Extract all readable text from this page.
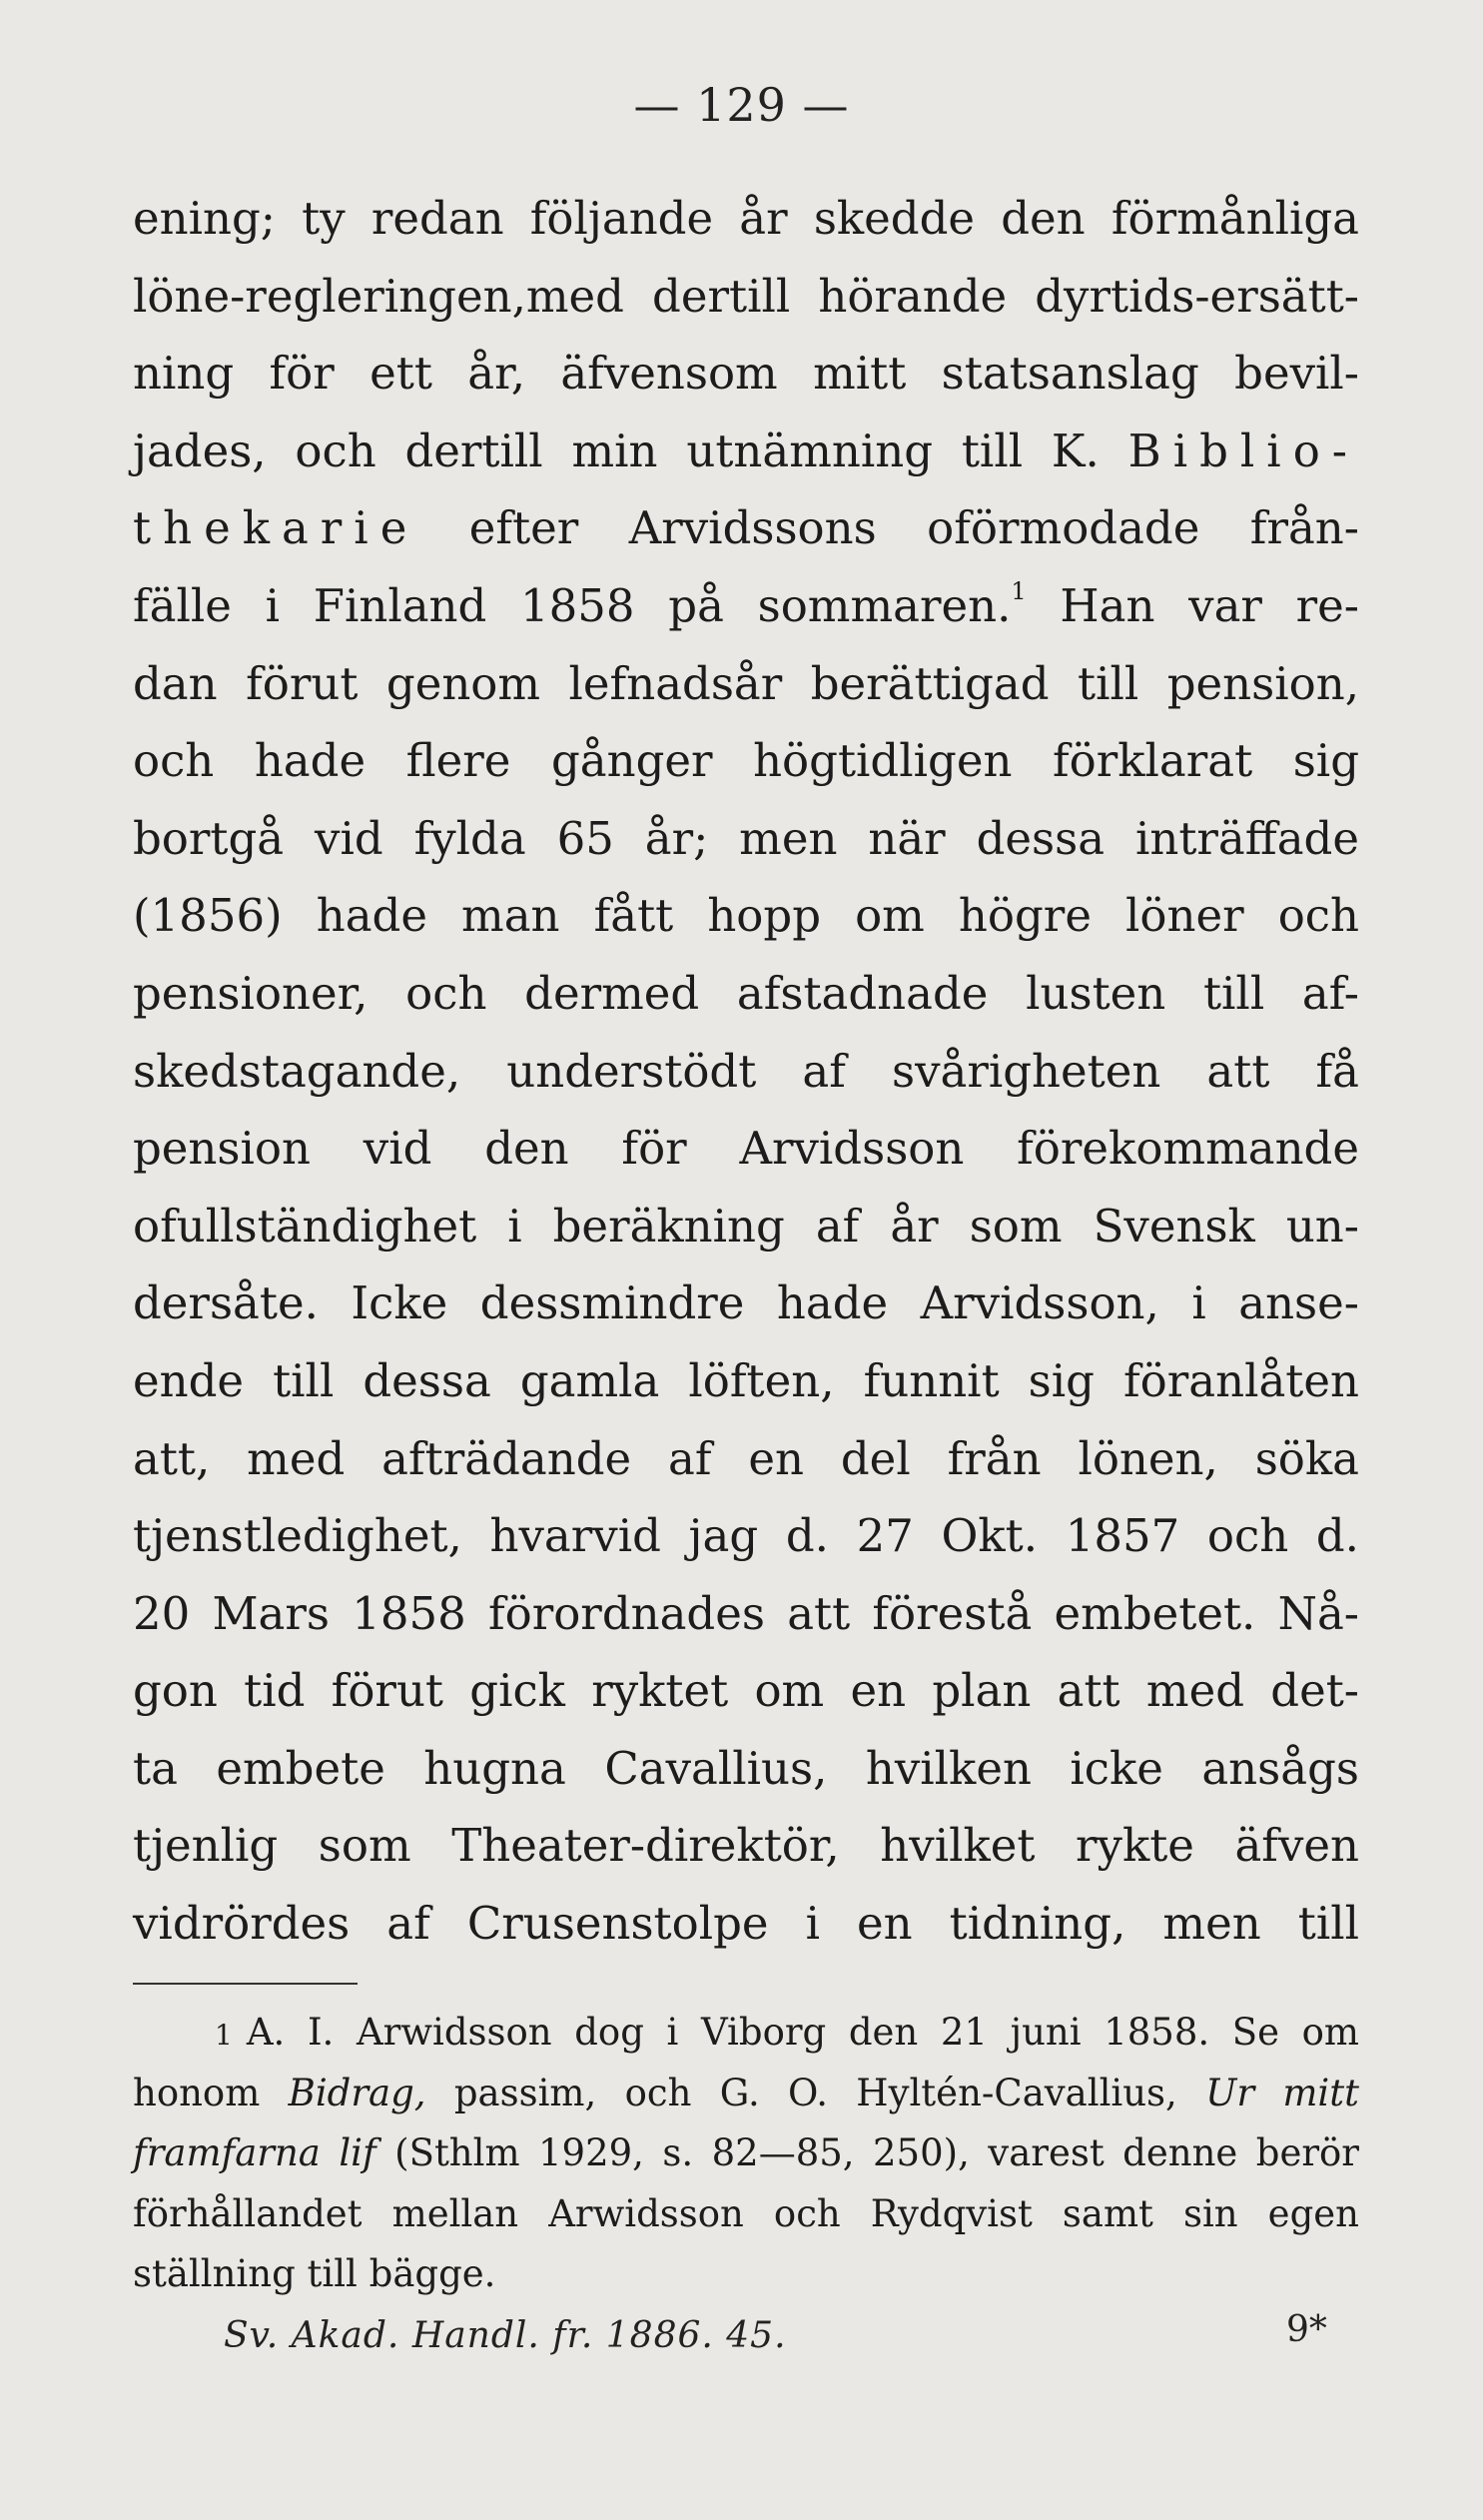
— 129 —
ening; ty redan följande år skedde den förmånliga
löne-regleringen,med dertill hörande dyrtids-ersätt-
ning för ett år, äfvensom mitt statsanslag bevil-
jades, och dertill min utnämning till K. Biblio-
thekarie efter Arvidssons oförmodade från-
fälle i Finland 1858 på sommaren.$^1$ Han var re-
dan förut genom lefnadsår berättigad till pension,
och hade flere gånger högtidligen förklarat sig
bortgå vid fylda 65 år; men när dessa inträffade
(1856) hade man fått hopp om högre löner och
pensioner, och dermed afstadnade lusten till af-
skedstagande, understödt af svårigheten att få
pension vid den för Arvidsson förekommande
ofullständighet i beräkning af år som Svensk un-
dersåte. Icke dessmindre hade Arvidsson, i anse-
ende till dessa gamla löften, funnit sig föranlåten
att, med afträdande af en del från lönen, söka
tjenstledighet, hvarvid jag d. 27 Okt. 1857 och d.
20 Mars 1858 förordnades att förestå embetet. Nå-
gon tid förut gick ryktet om en plan att med det-
ta embete hugna Cavallius, hvilken icke ansågs
tjenlig som Theater-direktör, hvilket rykte äfven
vidrördes af Crusenstolpe i en tidning, men till
1 A. I. Arwidsson dog i Viborg den 21 juni 1858. Se om
honom Bidrag, passim, och G. O. Hyltén-Cavallius, Ur mitt
framfarna lif (Sthlm 1929, s. 82—85, 250), varest denne berör
förhållandet mellan Arwidsson och Rydqvist samt sin egen
ställning till bägge.
Sv. Akad. Handl. fr. 1886. 45.	9*
